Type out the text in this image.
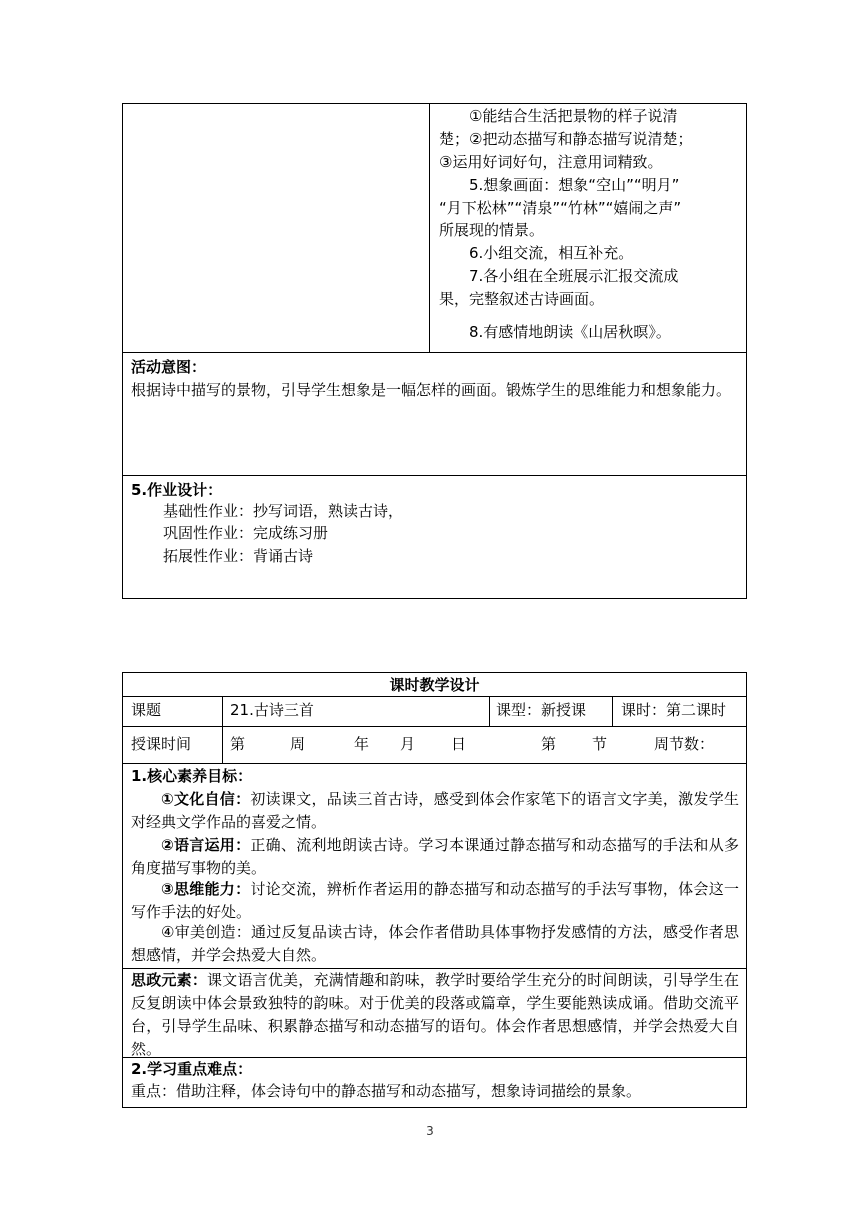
①能结合生活把景物的样子说清
楚；②把动态描写和静态描写说清楚；
③运用好词好句，注意用词精致。
5.想象画面：想象“空山”“明月”
“月下松林”“清泉”“竹林”“嬉闹之声”
所展现的情景。
6.小组交流，相互补充。
7.各小组在全班展示汇报交流成
果，完整叙述古诗画面。
8.有感情地朗读《山居秋暝》。
活动意图：
根据诗中描写的景物，引导学生想象是一幅怎样的画面。锻炼学生的思维能力和想象能力。
5.作业设计：
基础性作业：抄写词语，熟读古诗，
巩固性作业：完成练习册
拓展性作业：背诵古诗
课时教学设计
课题	21.古诗三首	课型：新授课 课时：第二课时
授课时间	第	周	年 月 日	第 节	周节数：
1.核心素养目标：
①文化自信：初读课文，品读三首古诗，感受到体会作家笔下的语言文字美，激发学生对经典文学作品的喜爱之情。
②语言运用：正确、流利地朗读古诗。学习本课通过静态描写和动态描写的手法和从多角度描写事物的美。
③思维能力：讨论交流，辨析作者运用的静态描写和动态描写的手法写事物，体会这一写作手法的好处。
④审美创造：通过反复品读古诗，体会作者借助具体事物抒发感情的方法，感受作者思想感情，并学会热爱大自然。
思政元素：课文语言优美，充满情趣和韵味，教学时要给学生充分的时间朗读，引导学生在反复朗读中体会景致独特的韵味。对于优美的段落或篇章，学生要能熟读成诵。借助交流平台，引导学生品味、积累静态描写和动态描写的语句。体会作者思想感情，并学会热爱大自然。
2.学习重点难点：
重点：借助注释，体会诗句中的静态描写和动态描写，想象诗词描绘的景象。
3
